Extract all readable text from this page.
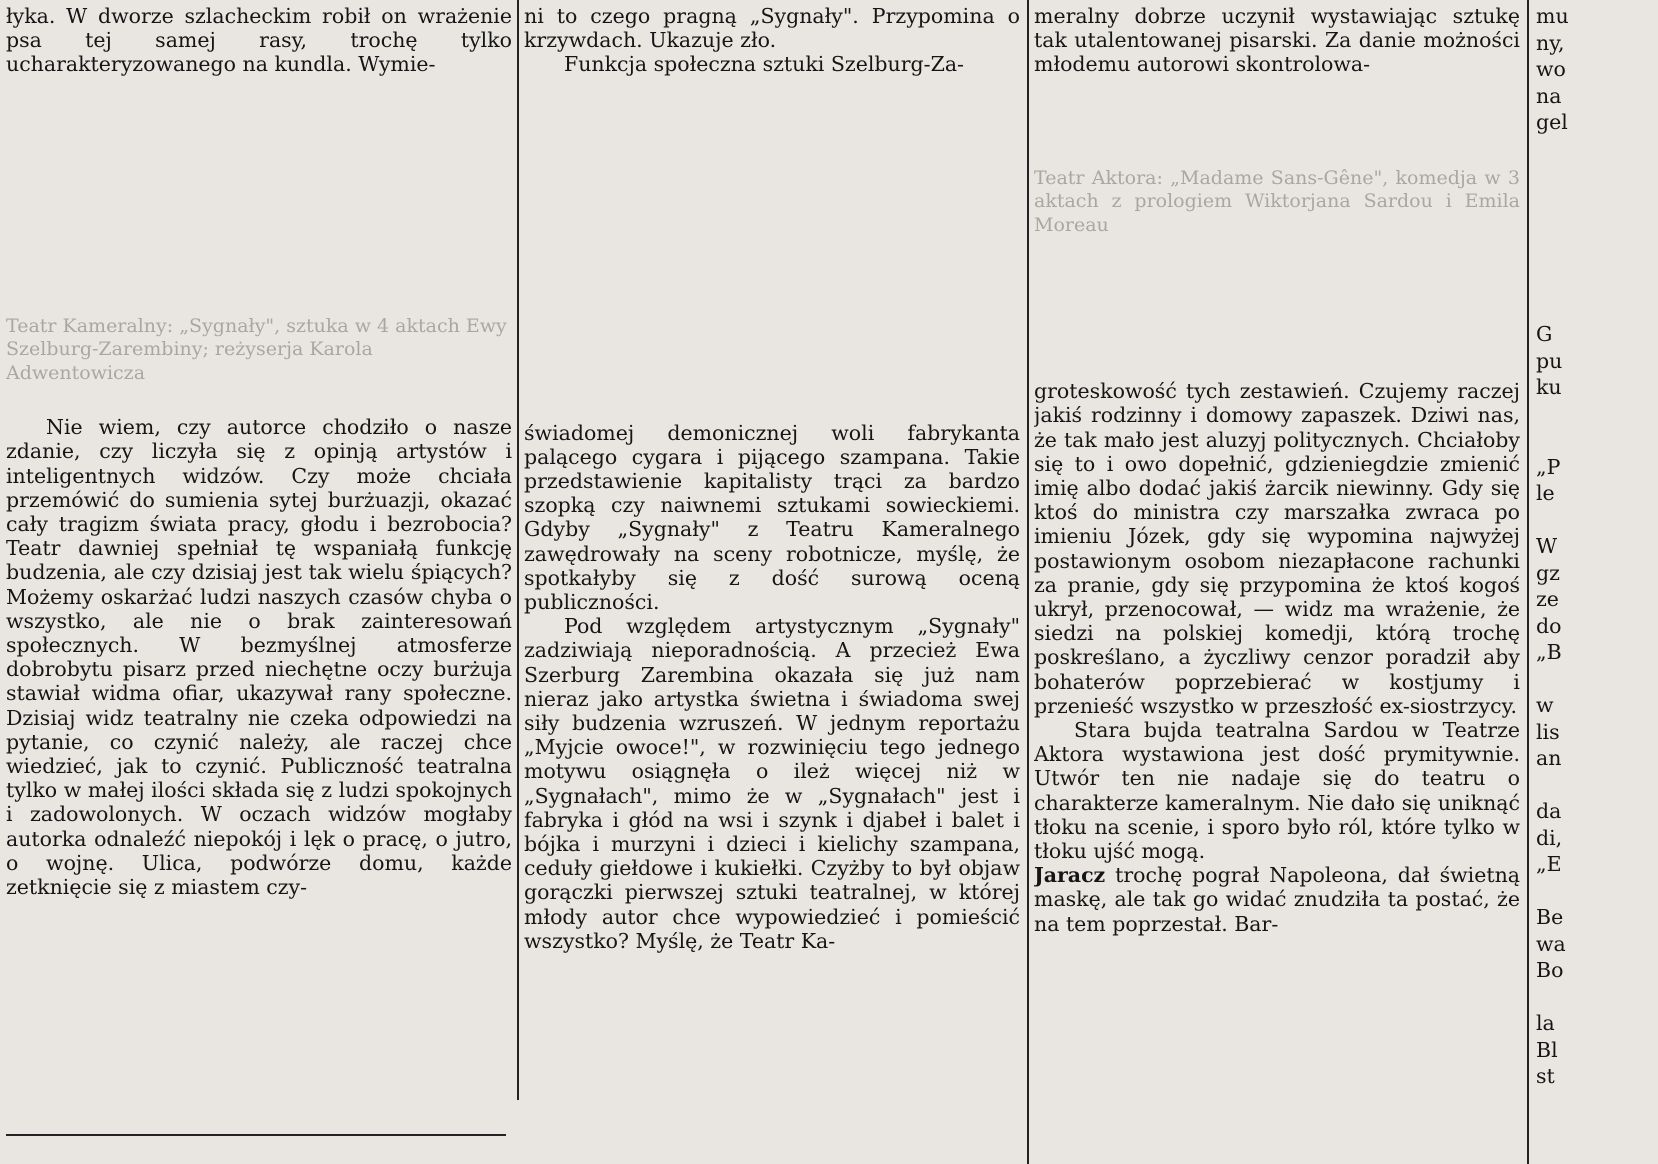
łyka. W dworze szlacheckim robił on wrażenie psa tej samej rasy, trochę tylko ucharakteryzowanego na kundla. Wymie-

Teatr Kameralny: „Sygnały", sztuka w 4 aktach Ewy Szelburg-Zarembiny; reżyserja Karola Adwentowicza

Nie wiem, czy autorce chodziło o nasze zdanie, czy liczyła się z opinją artystów i inteligentnych widzów. Czy może chciała przemówić do sumienia sytej burżuazji, okazać cały tragizm świata pracy, głodu i bezrobocia? Teatr dawniej spełniał tę wspaniałą funkcję budzenia, ale czy dzisiaj jest tak wielu śpiących? Możemy oskarżać ludzi naszych czasów chyba o wszystko, ale nie o brak zainteresowań społecznych. W bezmyślnej atmosferze dobrobytu pisarz przed niechętne oczy burżuja stawiał widma ofiar, ukazywał rany społeczne. Dzisiaj widz teatralny nie czeka odpowiedzi na pytanie, co czynić należy, ale raczej chce wiedzieć, jak to czynić. Publiczność teatralna tylko w małej ilości składa się z ludzi spokojnych i zadowolonych. W oczach widzów mogłaby autorka odnaleźć niepokój i lęk o pracę, o jutro, o wojnę. Ulica, podwórze domu, każde zetknięcie się z miastem czy-

ni to czego pragną „Sygnały". Przypomina o krzywdach. Ukazuje zło.

Funkcja społeczna sztuki Szelburg-Za-

świadomej demonicznej woli fabrykanta palącego cygara i pijącego szampana. Takie przedstawienie kapitalisty trąci za bardzo szopką czy naiwnemi sztukami sowieckiemi. Gdyby „Sygnały" z Teatru Kameralnego zawędrowały na sceny robotnicze, myślę, że spotkałyby się z dość surową oceną publiczności.

Pod względem artystycznym „Sygnały" zadziwiają nieporadnością. A przecież Ewa Szerburg Zarembina okazała się już nam nieraz jako artystka świetna i świadoma swej siły budzenia wzruszeń. W jednym reportażu „Myjcie owoce!", w rozwinięciu tego jednego motywu osiągnęła o ileż więcej niż w „Sygnałach", mimo że w „Sygnałach" jest i fabryka i głód na wsi i szynk i djabeł i balet i bójka i murzyni i dzieci i kielichy szampana, ceduły giełdowe i kukiełki. Czyżby to był objaw gorączki pierwszej sztuki teatralnej, w której młody autor chce wypowiedzieć i pomieścić wszystko? Myślę, że Teatr Ka-

meralny dobrze uczynił wystawiając sztukę tak utalentowanej pisarski. Za danie możności młodemu autorowi skontrolowa-

Teatr Aktora: „Madame Sans-Gêne", komedja w 3 aktach z prologiem Wiktorjana Sardou i Emila Moreau

groteskowość tych zestawień. Czujemy raczej jakiś rodzinny i domowy zapaszek. Dziwi nas, że tak mało jest aluzyj politycznych. Chciałoby się to i owo dopełnić, gdzieniegdzie zmienić imię albo dodać jakiś żarcik niewinny. Gdy się ktoś do ministra czy marszałka zwraca po imieniu Józek, gdy się wypomina najwyżej postawionym osobom niezapłacone rachunki za pranie, gdy się przypomina że ktoś kogoś ukrył, przenocował, — widz ma wrażenie, że siedzi na polskiej komedji, którą trochę poskreślano, a życzliwy cenzor poradził aby bohaterów poprzebierać w kostjumy i przenieść wszystko w przeszłość ex-siostrzycy.

Stara bujda teatralna Sardou w Teatrze Aktora wystawiona jest dość prymitywnie. Utwór ten nie nadaje się do teatru o charakterze kameralnym. Nie dało się uniknąć tłoku na scenie, i sporo było ról, które tylko w tłoku ujść mogą.

Jaracz trochę pograł Napoleona, dał świetną maskę, ale tak go widać znudziła ta postać, że na tem poprzestał. Bar-

mu
ny,
wo
na
gel
G
pu
ku
„P
le
W
gz
ze
do
„B
w
lis
an
da
di,
„E
Be
wa
Bo
la
Bl
st
